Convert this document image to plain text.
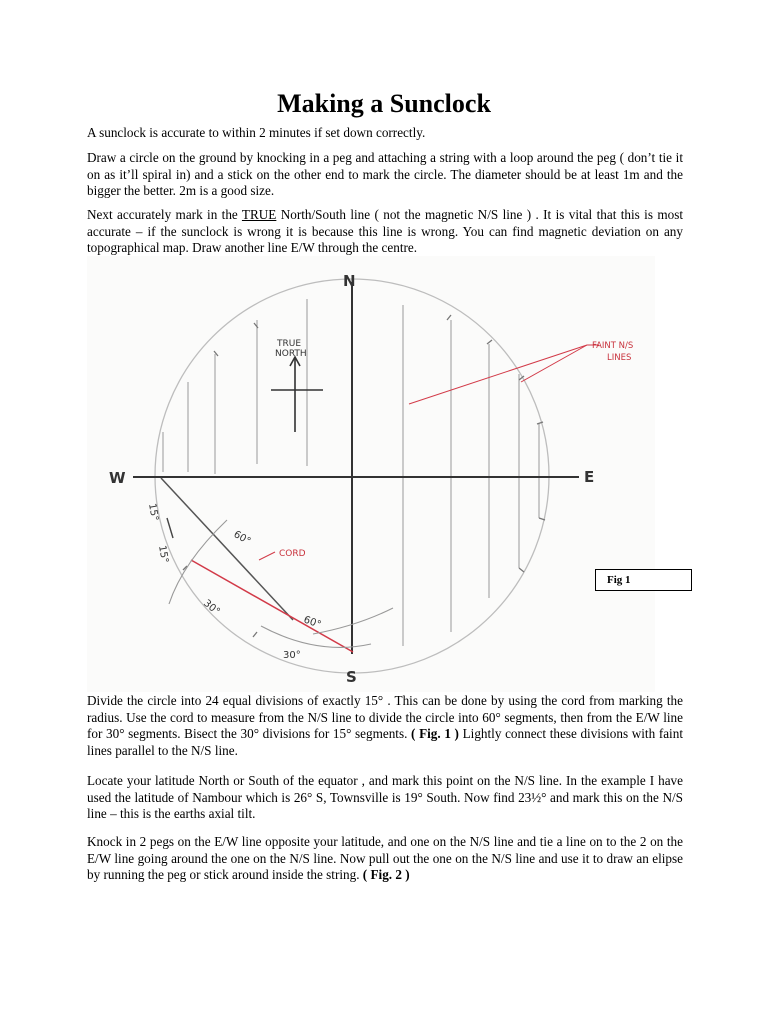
Making a Sunclock

A sunclock is accurate to within 2 minutes if set down correctly.

Draw a circle on the ground by knocking in a peg and attaching a string with a loop around the peg ( don’t tie it on as it’ll spiral in) and a stick on the other end to mark the circle. The diameter should be at least 1m and the bigger the better. 2m is a good size.

Next accurately mark in the TRUE North/South line ( not the magnetic N/S line ) . It is vital that this is most accurate – if the sunclock is wrong it is because this line is wrong. You can find magnetic deviation on any topographical map. Draw another line E/W through the centre.

TRUE
NORTH
N
S
E
W
FAINT N/S
LINES
CORD
15°
15°
60°
60°
30°
30°
Fig 1

Divide the circle into 24 equal divisions of exactly 15° . This can be done by using the cord from marking the radius. Use the cord to measure from the N/S line to divide the circle into 60° segments, then from the E/W line for 30° segments. Bisect the 30° divisions for 15° segments. ( Fig. 1 ) Lightly connect these divisions with faint lines parallel to the N/S line.

Locate your latitude North or South of the equator , and mark this point on the N/S line. In the example I have used the latitude of Nambour which is 26° S, Townsville is 19° South. Now find 23½° and mark this on the N/S line – this is the earths axial tilt.

Knock in 2 pegs on the E/W line opposite your latitude, and one on the N/S line and tie a line on to the 2 on the E/W line going around the one on the N/S line. Now pull out the one on the N/S line and use it to draw an elipse by running the peg or stick around inside the string. ( Fig. 2 )
